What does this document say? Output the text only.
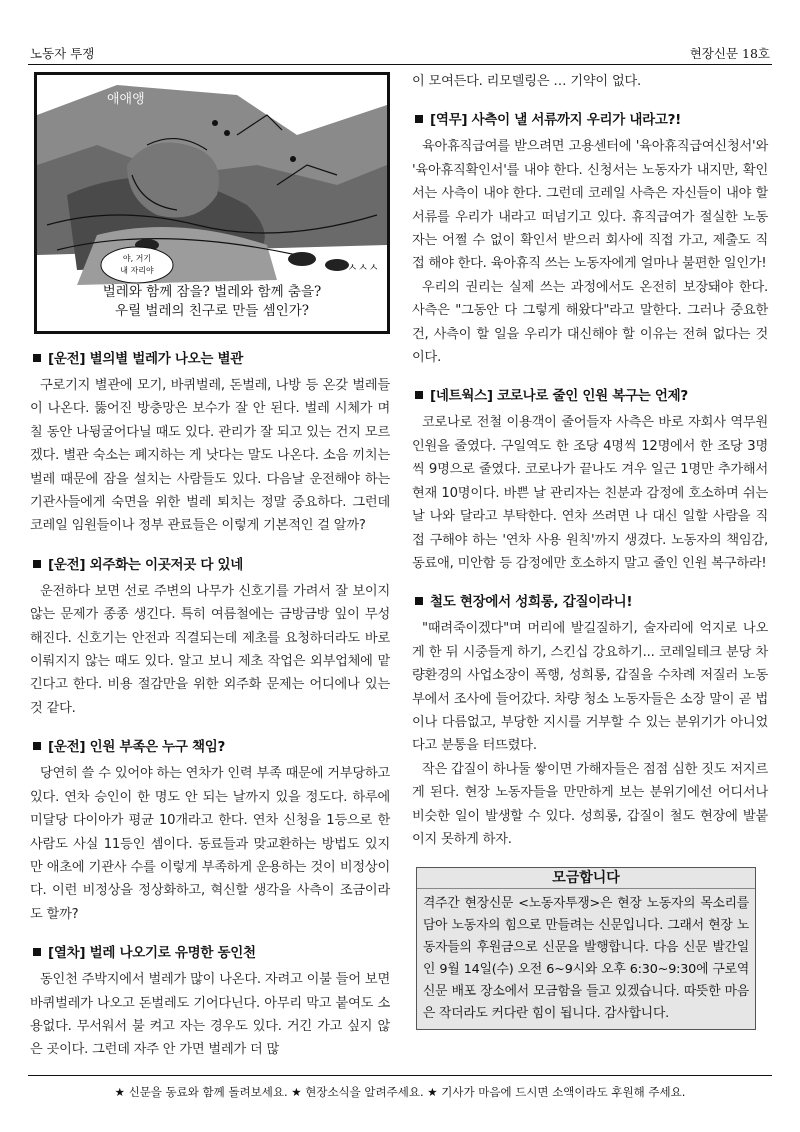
노동자 투쟁	현장신문 18호
야, 거기
내 자리야
애애앵
ㅅㅅㅅ
벌레와 함께 잠을? 벌레와 함께 춤을?
우릴 벌레의 친구로 만들 셈인가?
[운전] 별의별 벌레가 나오는 별관

구로기지 별관에 모기, 바퀴벌레, 돈벌레, 나방 등 온갖 벌레들이 나온다. 뚫어진 방충망은 보수가 잘 안 된다. 벌레 시체가 며칠 동안 나뒹굴어다닐 때도 있다. 관리가 잘 되고 있는 건지 모르겠다. 별관 숙소는 폐지하는 게 낫다는 말도 나온다. 소음 끼치는 벌레 때문에 잠을 설치는 사람들도 있다. 다음날 운전해야 하는 기관사들에게 숙면을 위한 벌레 퇴치는 정말 중요하다. 그런데 코레일 임원들이나 정부 관료들은 이렇게 기본적인 걸 알까?

[운전] 외주화는 이곳저곳 다 있네

운전하다 보면 선로 주변의 나무가 신호기를 가려서 잘 보이지 않는 문제가 종종 생긴다. 특히 여름철에는 금방금방 잎이 무성해진다. 신호기는 안전과 직결되는데 제초를 요청하더라도 바로 이뤄지지 않는 때도 있다. 알고 보니 제초 작업은 외부업체에 맡긴다고 한다. 비용 절감만을 위한 외주화 문제는 어디에나 있는 것 같다.

[운전] 인원 부족은 누구 책임?

당연히 쓸 수 있어야 하는 연차가 인력 부족 때문에 거부당하고 있다. 연차 승인이 한 명도 안 되는 날까지 있을 정도다. 하루에 미달당 다이아가 평균 10개라고 한다. 연차 신청을 1등으로 한 사람도 사실 11등인 셈이다. 동료들과 맞교환하는 방법도 있지만 애초에 기관사 수를 이렇게 부족하게 운용하는 것이 비정상이다. 이런 비정상을 정상화하고, 혁신할 생각을 사측이 조금이라도 할까?

[열차] 벌레 나오기로 유명한 동인천

동인천 주박지에서 벌레가 많이 나온다. 자려고 이불 들어 보면 바퀴벌레가 나오고 돈벌레도 기어다닌다. 아무리 막고 붙여도 소용없다. 무서워서 불 켜고 자는 경우도 있다. 거긴 가고 싶지 않은 곳이다. 그런데 자주 안 가면 벌레가 더 많

이 모여든다. 리모델링은 … 기약이 없다.

[역무] 사측이 낼 서류까지 우리가 내라고?!

육아휴직급여를 받으려면 고용센터에 '육아휴직급여신청서'와 '육아휴직확인서'를 내야 한다. 신청서는 노동자가 내지만, 확인서는 사측이 내야 한다. 그런데 코레일 사측은 자신들이 내야 할 서류를 우리가 내라고 떠넘기고 있다. 휴직급여가 절실한 노동자는 어쩔 수 없이 확인서 받으러 회사에 직접 가고, 제출도 직접 해야 한다. 육아휴직 쓰는 노동자에게 얼마나 불편한 일인가!

우리의 권리는 실제 쓰는 과정에서도 온전히 보장돼야 한다. 사측은 "그동안 다 그렇게 해왔다"라고 말한다. 그러나 중요한 건, 사측이 할 일을 우리가 대신해야 할 이유는 전혀 없다는 것이다.

[네트웍스] 코로나로 줄인 인원 복구는 언제?

코로나로 전철 이용객이 줄어들자 사측은 바로 자회사 역무원 인원을 줄였다. 구일역도 한 조당 4명씩 12명에서 한 조당 3명씩 9명으로 줄였다. 코로나가 끝나도 겨우 일근 1명만 추가해서 현재 10명이다. 바쁜 날 관리자는 친분과 감정에 호소하며 쉬는 날 나와 달라고 부탁한다. 연차 쓰려면 나 대신 일할 사람을 직접 구해야 하는 '연차 사용 원칙'까지 생겼다. 노동자의 책임감, 동료애, 미안함 등 감정에만 호소하지 말고 줄인 인원 복구하라!

철도 현장에서 성희롱, 갑질이라니!

"때려죽이겠다"며 머리에 발길질하기, 술자리에 억지로 나오게 한 뒤 시중들게 하기, 스킨십 강요하기... 코레일테크 분당 차량환경의 사업소장이 폭행, 성희롱, 갑질을 수차례 저질러 노동부에서 조사에 들어갔다. 차량 청소 노동자들은 소장 말이 곧 법이나 다름없고, 부당한 지시를 거부할 수 있는 분위기가 아니었다고 분통을 터뜨렸다.

작은 갑질이 하나둘 쌓이면 가해자들은 점점 심한 짓도 저지르게 된다. 현장 노동자들을 만만하게 보는 분위기에선 어디서나 비슷한 일이 발생할 수 있다. 성희롱, 갑질이 철도 현장에 발붙이지 못하게 하자.

모금합니다

격주간 현장신문 <노동자투쟁>은 현장 노동자의 목소리를 담아 노동자의 힘으로 만들려는 신문입니다. 그래서 현장 노동자들의 후원금으로 신문을 발행합니다. 다음 신문 발간일인 9월 14일(수) 오전 6~9시와 오후 6:30~9:30에 구로역 신문 배포 장소에서 모금함을 들고 있겠습니다. 따뜻한 마음은 작더라도 커다란 힘이 됩니다. 감사합니다.

★ 신문을 동료와 함께 돌려보세요. ★ 현장소식을 알려주세요. ★ 기사가 마음에 드시면 소액이라도 후원해 주세요.
